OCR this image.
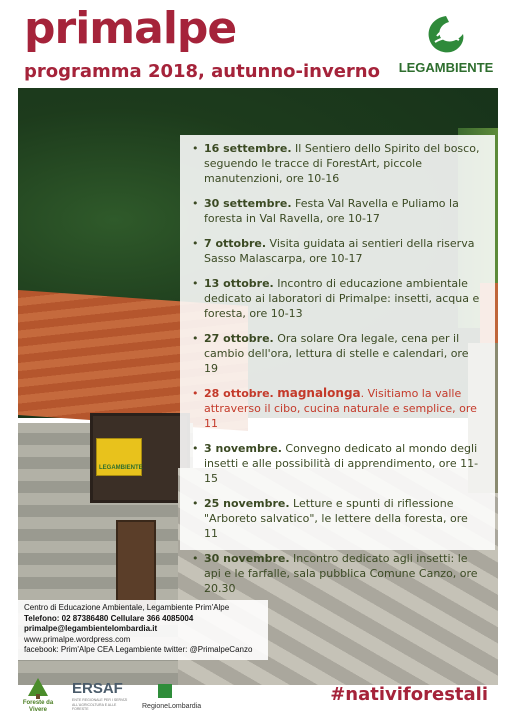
primalpe
programma 2018, autunno-inverno LEGAMBIENTE
LEGAMBIENTE
• 16 settembre. Il Sentiero dello Spirito del bosco, seguendo le tracce di ForestArt, piccole manutenzioni, ore 10-16
• 30 settembre. Festa Val Ravella e Puliamo la foresta in Val Ravella, ore 10-17
• 7 ottobre. Visita guidata ai sentieri della riserva Sasso Malascarpa, ore 10-17
• 13 ottobre. Incontro di educazione ambientale dedicato ai laboratori di Primalpe: insetti, acqua e foresta, ore 10-13
• 27 ottobre. Ora solare Ora legale, cena per il cambio dell'ora, lettura di stelle e calendari, ore 19
• 28 ottobre. magnalonga. Visitiamo la valle attraverso il cibo, cucina naturale e semplice, ore 11
• 3 novembre. Convegno dedicato al mondo degli insetti e alle possibilità di apprendimento, ore 11-15
• 25 novembre. Letture e spunti di riflessione "Arboreto salvatico", le lettere della foresta, ore 11
• 30 novembre. Incontro dedicato agli insetti: le api e le farfalle, sala pubblica Comune Canzo, ore 20.30
Centro di Educazione Ambientale, Legambiente Prim'Alpe
Telefono: 02 87386480 Cellulare 366 4085004
primalpe@legambientelombardia.it
www.primalpe.wordpress.com
facebook: Prim'Alpe CEA Legambiente twitter: @PrimalpeCanzo
Foreste da Vivere
ERSAF
ENTE REGIONALE PER I SERVIZI ALL'AGRICOLTURA E ALLE FORESTE	RegioneLombardia
#nativiforestali
